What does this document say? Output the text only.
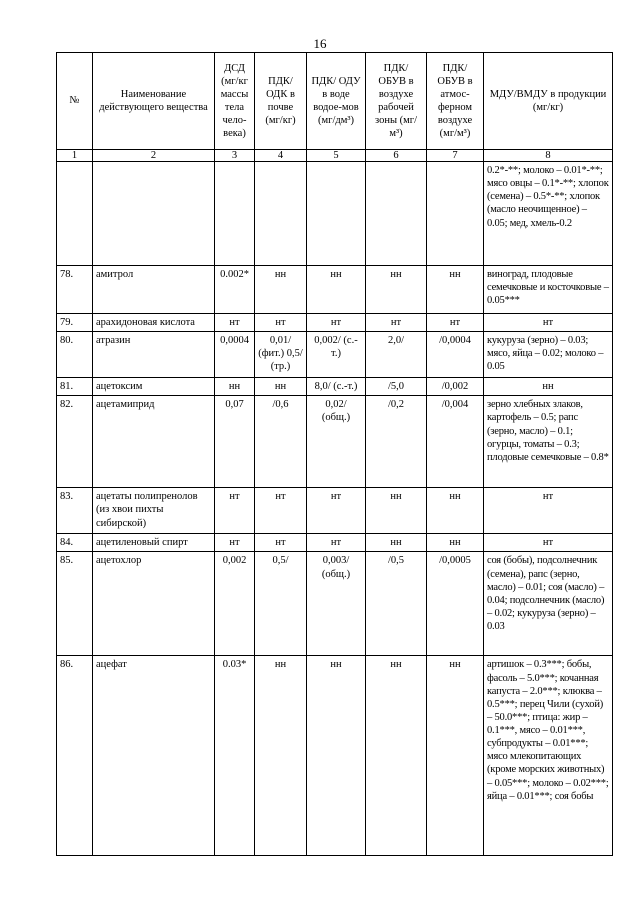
16
№	Наименование действующего вещества	ДСД (мг/кг массы тела чело-века)	ПДК/ ОДК в почве (мг/кг)	ПДК/ ОДУ в воде водое-мов (мг/дм³)	ПДК/ ОБУВ в воздухе рабочей зоны (мг/м³)	ПДК/ ОБУВ в атмос-ферном воздухе (мг/м³)	МДУ/ВМДУ в продукции (мг/кг)
1	2	3	4	5	6	7	8
							0.2*-**; молоко – 0.01*-**; мясо овцы – 0.1*-**; хлопок (семена) – 0.5*-**; хлопок (масло неочищенное) – 0.05; мед, хмель-0.2
78.	амитрол	0.002*	нн	нн	нн	нн	виноград, плодовые семечковые и косточковые – 0.05***
79.	арахидоновая кислота	нт	нт	нт	нт	нт	нт
80.	атразин	0,0004	0,01/ (фит.) 0,5/ (тр.)	0,002/ (с.-т.)	2,0/	/0,0004	кукуруза (зерно) – 0.03; мясо, яйца – 0.02; молоко – 0.05
81.	ацетоксим	нн	нн	8,0/ (с.-т.)	/5,0	/0,002	нн
82.	ацетамиприд	0,07	/0,6	0,02/ (общ.)	/0,2	/0,004	зерно хлебных злаков, картофель – 0.5; рапс (зерно, масло) – 0.1; огурцы, томаты – 0.3; плодовые семечковые – 0.8*
83.	ацетаты полипренолов (из хвои пихты сибирской)	нт	нт	нт	нн	нн	нт
84.	ацетиленовый спирт	нт	нт	нт	нн	нн	нт
85.	ацетохлор	0,002	0,5/	0,003/ (общ.)	/0,5	/0,0005	соя (бобы), подсолнечник (семена), рапс (зерно, масло) – 0.01; соя (масло) – 0.04; подсолнечник (масло) – 0.02; кукуруза (зерно) – 0.03
86.	ацефат	0.03*	нн	нн	нн	нн	артишок – 0.3***; бобы, фасоль – 5.0***; кочанная капуста – 2.0***; клюква – 0.5***; перец Чили (сухой) – 50.0***; птица: жир – 0.1***, мясо – 0.01***, субпродукты – 0.01***; мясо млекопитающих (кроме морских животных) – 0.05***; молоко – 0.02***; яйца – 0.01***; соя бобы
